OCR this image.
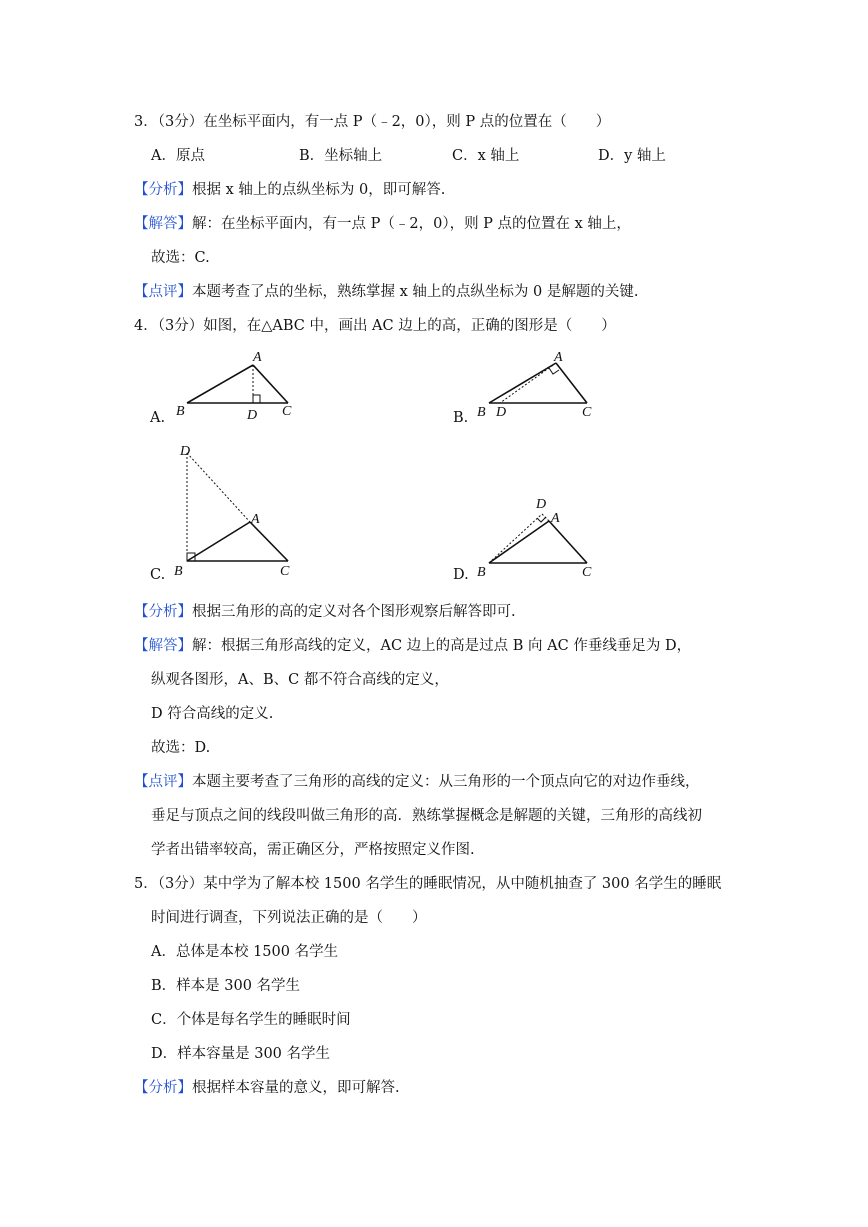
3．（3分）在坐标平面内，有一点 P（﹣2，0），则 P 点的位置在（　　）
A．原点	B．坐标轴上	C．x 轴上	D．y 轴上
【分析】根据 x 轴上的点纵坐标为 0，即可解答.
【解答】解：在坐标平面内，有一点 P（﹣2，0），则 P 点的位置在 x 轴上，
故选：C.
【点评】本题考查了点的坐标，熟练掌握 x 轴上的点纵坐标为 0 是解题的关键.
4．（3分）如图，在△ABC 中，画出 AC 边上的高，正确的图形是（　　）
A.	B.
C.	D.
A
B	C
D
A
B	C
D
D
A
B	C
D
A
B	C
【分析】根据三角形的高的定义对各个图形观察后解答即可.
【解答】解：根据三角形高线的定义，AC 边上的高是过点 B 向 AC 作垂线垂足为 D，
纵观各图形，A、B、C 都不符合高线的定义，
D 符合高线的定义.
故选：D.
【点评】本题主要考查了三角形的高线的定义：从三角形的一个顶点向它的对边作垂线，
垂足与顶点之间的线段叫做三角形的高．熟练掌握概念是解题的关键，三角形的高线初
学者出错率较高，需正确区分，严格按照定义作图.
5．（3分）某中学为了解本校 1500 名学生的睡眠情况，从中随机抽查了 300 名学生的睡眠
时间进行调查，下列说法正确的是（　　）
A．总体是本校 1500 名学生
B．样本是 300 名学生
C．个体是每名学生的睡眠时间
D．样本容量是 300 名学生
【分析】根据样本容量的意义，即可解答.
